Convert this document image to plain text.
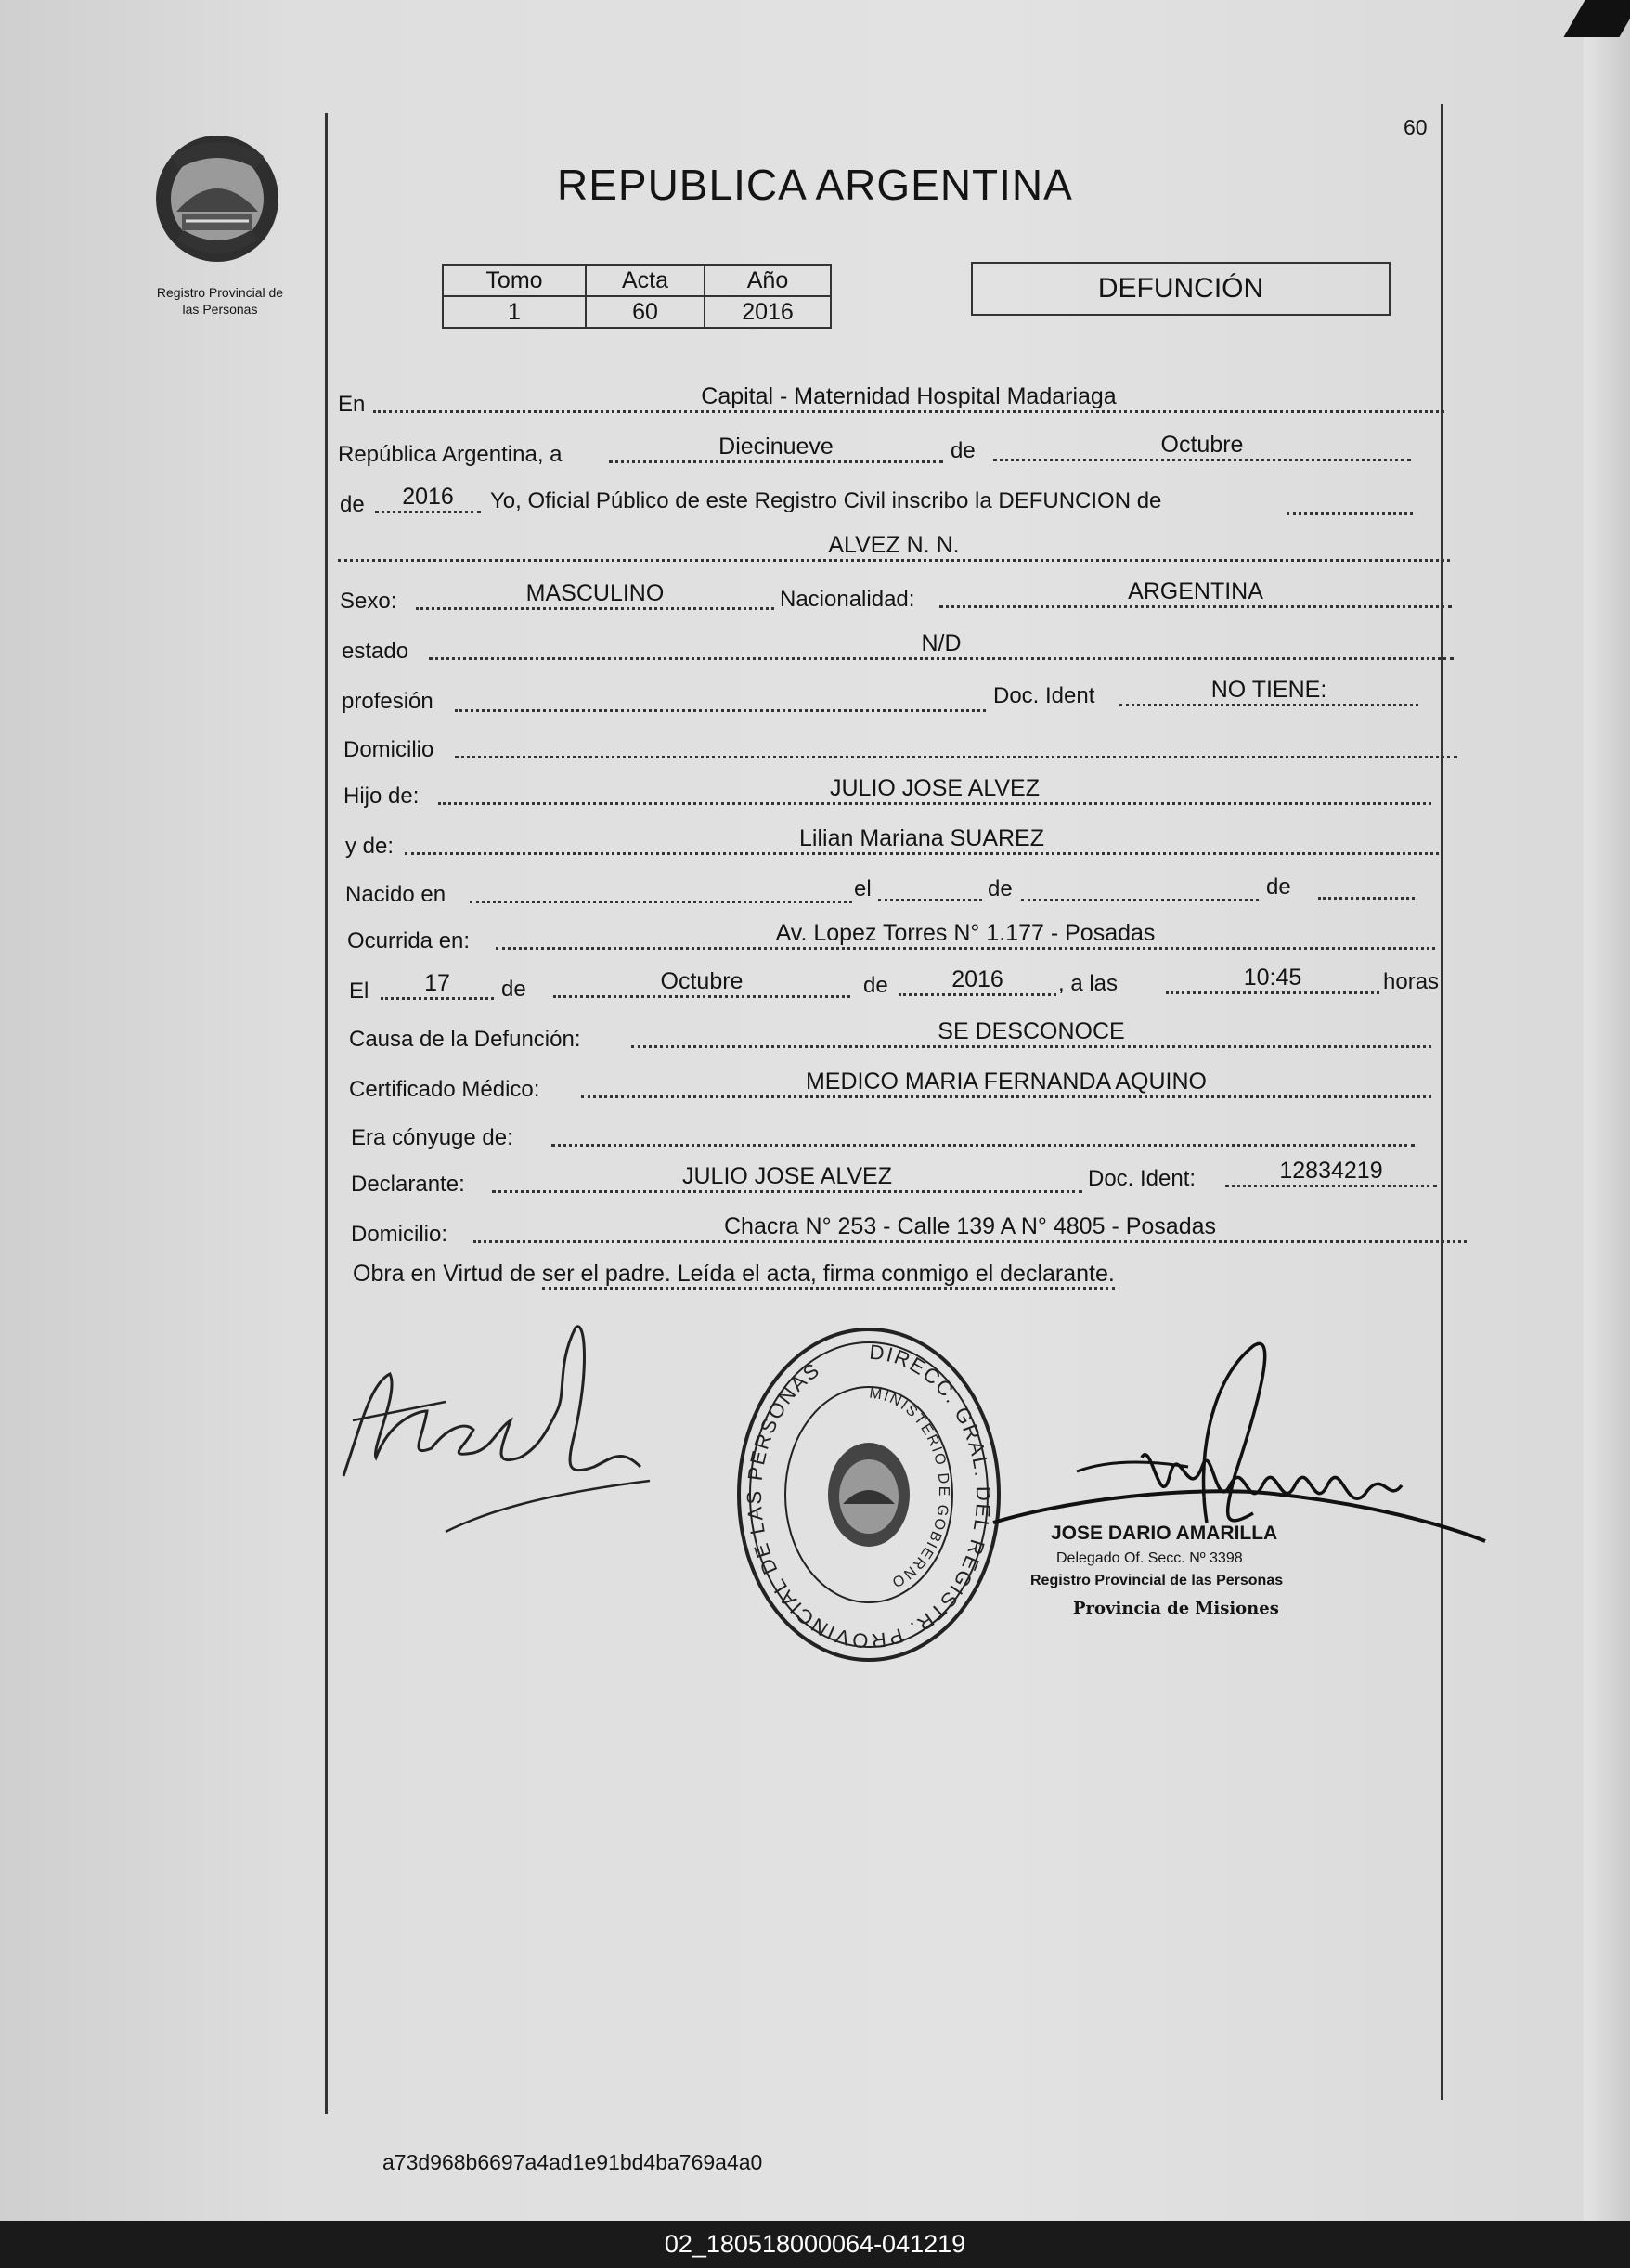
60
Registro Provincial de
las Personas
REPUBLICA ARGENTINA
Tomo	Acta	Año
1	60	2016
DEFUNCIÓN
En	Capital - Maternidad Hospital Madariaga
República Argentina, a	Diecinueve	de	Octubre
de	2016	Yo, Oficial Público de este Registro Civil inscribo la DEFUNCION de
ALVEZ N. N.
Sexo:	MASCULINO	Nacionalidad:	ARGENTINA
estado	N/D
profesión	Doc. Ident	NO TIENE:
Domicilio
Hijo de:	JULIO JOSE ALVEZ
y de:	Lilian Mariana SUAREZ
Nacido en	el	de	de
Ocurrida en:	Av. Lopez Torres N° 1.177 - Posadas
El	17	de	Octubre	de	2016	, a las	10:45	horas
Causa de la Defunción:	SE DESCONOCE
Certificado Médico:	MEDICO MARIA FERNANDA AQUINO
Era cónyuge de:
Declarante:	JULIO JOSE ALVEZ	Doc. Ident:	12834219
Domicilio:	Chacra N° 253 - Calle 139 A N° 4805 - Posadas
Obra en Virtud de ser el padre. Leída el acta, firma conmigo el declarante.
DIRECC. GRAL. DEL REGISTR. PROVINCIAL DE LAS PERSONAS
MINISTERIO DE GOBIERNO
JOSE DARIO AMARILLA
Delegado Of. Secc. Nº 3398
Registro Provincial de las Personas
Provincia de Misiones
a73d968b6697a4ad1e91bd4ba769a4a0
02_180518000064-041219
